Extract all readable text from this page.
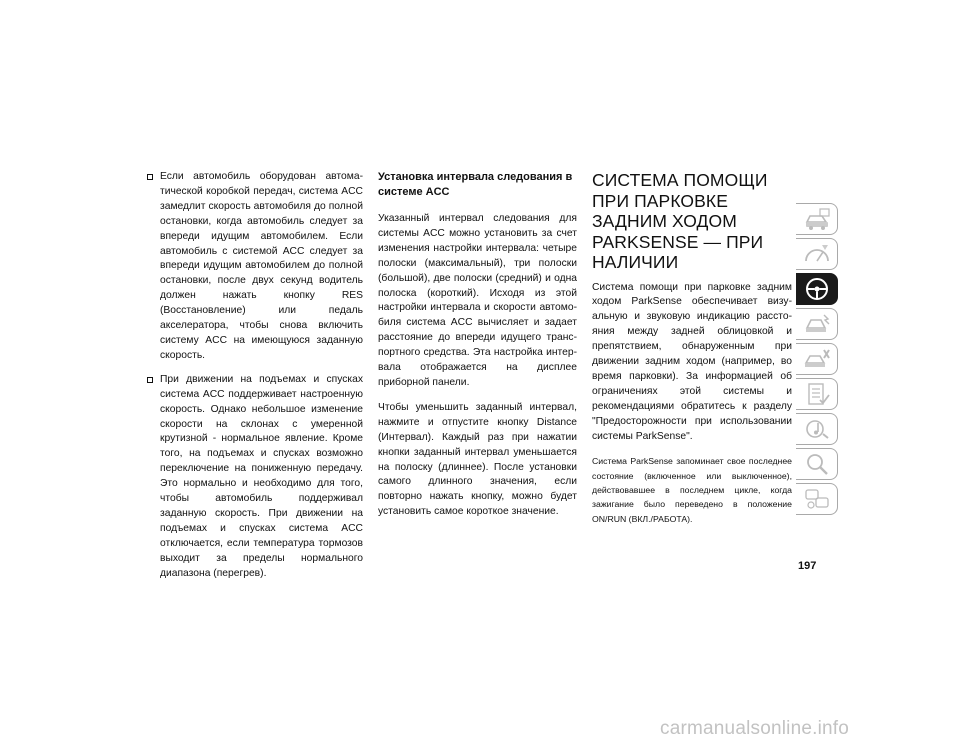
Если автомобиль оборудован автоматической коробкой передач, система ACC замедлит скорость автомобиля до полной остановки, когда автомобиль следует за впереди идущим автомобилем. Если автомобиль с системой ACC следует за впереди идущим автомобилем до полной остановки, после двух секунд водитель должен нажать кнопку RES (Восстановление) или педаль акселератора, чтобы снова включить систему ACC на имеющуюся заданную скорость.
При движении на подъемах и спусках система ACC поддерживает настроенную скорость. Однако небольшое изменение скорости на склонах с умеренной крутизной - нормальное явление. Кроме того, на подъемах и спусках возможно переключение на пониженную передачу. Это нормально и необходимо для того, чтобы автомобиль поддерживал заданную скорость. При движении на подъемах и спусках система ACC отключается, если температура тормозов выходит за пределы нормального диапазона (перегрев).
Установка интервала следования в системе ACC
Указанный интервал следования для системы ACC можно установить за счет изменения настройки интервала: четыре полоски (максимальный), три полоски (большой), две полоски (средний) и одна полоска (короткий). Исходя из этой настройки интервала и скорости автомобиля система ACC вычисляет и задает расстояние до впереди идущего транспортного средства. Эта настройка интервала отображается на дисплее приборной панели.
Чтобы уменьшить заданный интервал, нажмите и отпустите кнопку Distance (Интервал). Каждый раз при нажатии кнопки заданный интервал уменьшается на полоску (длиннее). После установки самого длинного значения, если повторно нажать кнопку, можно будет установить самое короткое значение.
СИСТЕМА ПОМОЩИ ПРИ ПАРКОВКЕ ЗАДНИМ ХОДОМ PARKSENSE — ПРИ НАЛИЧИИ
Система помощи при парковке задним ходом ParkSense обеспечивает визуальную и звуковую индикацию расстояния между задней облицовкой и препятствием, обнаруженным при движении задним ходом (например, во время парковки). За информацией об ограничениях этой системы и рекомендациями обратитесь к разделу "Предосторожности при использовании системы ParkSense".
Система ParkSense запоминает свое последнее состояние (включенное или выключенное), действовавшее в последнем цикле, когда зажигание было переведено в положение ON/RUN (ВКЛ./РАБОТА).
197
carmanualsonline.info
